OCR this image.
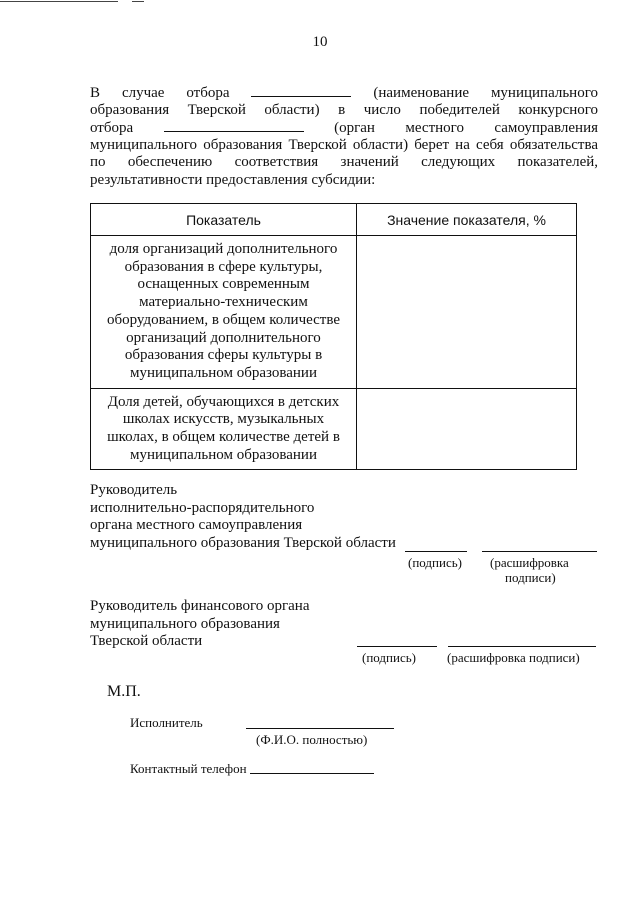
10
В случае отбора	(наименование муниципального
образования Тверской области) в число победителей конкурсного
отбора	(орган местного самоуправления
муниципального образования Тверской области) берет на себя обязательства
по обеспечению соответствия значений следующих показателей,
результативности предоставления субсидии:
Показатель	Значение показателя, %
доля организаций дополнительного образования в сфере культуры, оснащенных современным материально-техническим оборудованием, в общем количестве организаций дополнительного образования сферы культуры в муниципальном образовании	
Доля детей, обучающихся в детских школах искусств, музыкальных школах, в общем количестве детей в муниципальном образовании	
Руководитель
исполнительно-распорядительного
органа местного самоуправления
муниципального образования Тверской области
(подпись) (расшифровка
подписи)
Руководитель финансового органа
муниципального образования
Тверской области
(подпись) (расшифровка подписи)
М.П.
Исполнитель
(Ф.И.О. полностью)
Контактный телефон
